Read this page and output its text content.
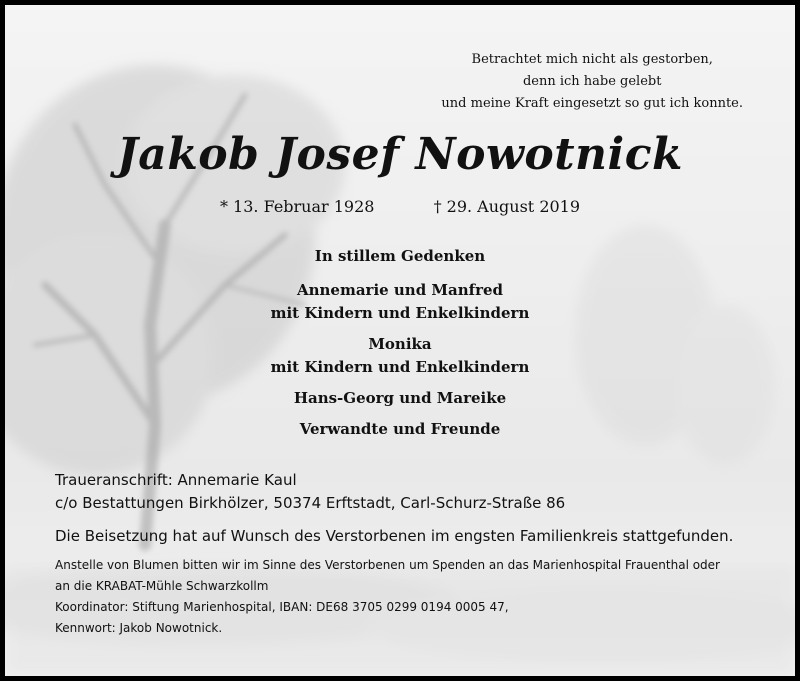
Betrachtet mich nicht als gestorben,
denn ich habe gelebt
und meine Kraft eingesetzt so gut ich konnte.
Jakob Josef Nowotnick
* 13. Februar 1928	† 29. August 2019
In stillem Gedenken
Annemarie und Manfred
mit Kindern und Enkelkindern
Monika
mit Kindern und Enkelkindern
Hans-Georg und Mareike
Verwandte und Freunde
Traueranschrift: Annemarie Kaul
c/o Bestattungen Birkhölzer, 50374 Erftstadt, Carl-Schurz-Straße 86
Die Beisetzung hat auf Wunsch des Verstorbenen im engsten Familienkreis stattgefunden.
Anstelle von Blumen bitten wir im Sinne des Verstorbenen um Spenden an das Marienhospital Frauenthal oder
an die KRABAT-Mühle Schwarzkollm
Koordinator: Stiftung Marienhospital, IBAN: DE68 3705 0299 0194 0005 47,
Kennwort: Jakob Nowotnick.
